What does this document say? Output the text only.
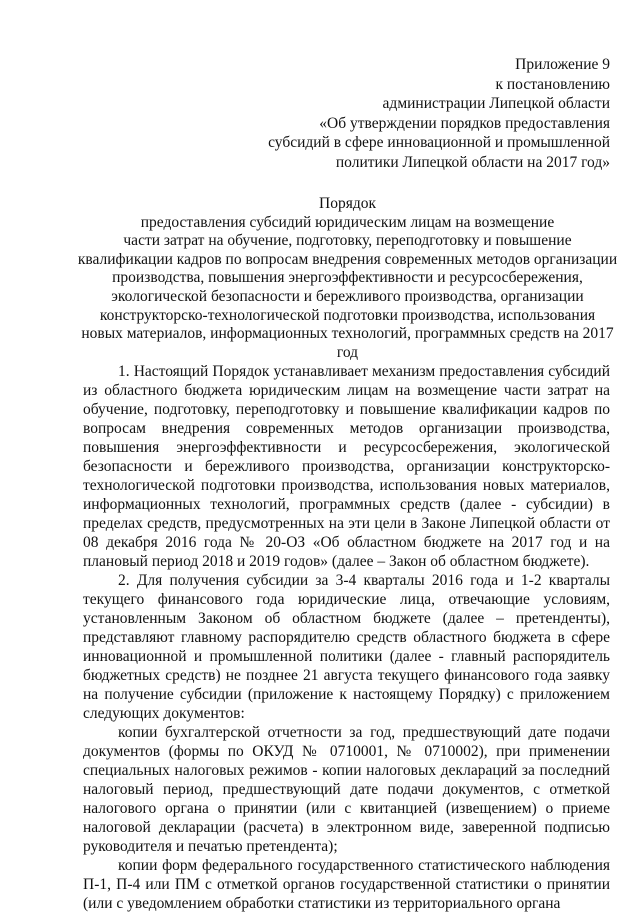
Приложение 9
к постановлению
администрации Липецкой области
«Об утверждении порядков предоставления
субсидий в сфере инновационной и промышленной
политики Липецкой области на 2017 год»
Порядок
предоставления субсидий юридическим лицам на возмещение
части затрат на обучение, подготовку, переподготовку и повышение
квалификации кадров по вопросам внедрения современных методов организации
производства, повышения энергоэффективности и ресурсосбережения,
экологической безопасности и бережливого производства, организации
конструкторско-технологической подготовки производства, использования
новых материалов, информационных технологий, программных средств на 2017
год

1. Настоящий Порядок устанавливает механизм предоставления субсидий из областного бюджета юридическим лицам на возмещение части затрат на обучение, подготовку, переподготовку и повышение квалификации кадров по вопросам внедрения современных методов организации производства, повышения энергоэффективности и ресурсосбережения, экологической безопасности и бережливого производства, организации конструкторско-технологической подготовки производства, использования новых материалов, информационных технологий, программных средств (далее - субсидии) в пределах средств, предусмотренных на эти цели в Законе Липецкой области от 08 декабря 2016 года № 20-ОЗ «Об областном бюджете на 2017 год и на плановый период 2018 и 2019 годов» (далее – Закон об областном бюджете).

2. Для получения субсидии за 3-4 кварталы 2016 года и 1-2 кварталы текущего финансового года юридические лица, отвечающие условиям, установленным Законом об областном бюджете (далее – претенденты), представляют главному распорядителю средств областного бюджета в сфере инновационной и промышленной политики (далее - главный распорядитель бюджетных средств) не позднее 21 августа текущего финансового года заявку на получение субсидии (приложение к настоящему Порядку) с приложением следующих документов:

копии бухгалтерской отчетности за год, предшествующий дате подачи документов (формы по ОКУД № 0710001, № 0710002), при применении специальных налоговых режимов - копии налоговых деклараций за последний налоговый период, предшествующий дате подачи документов, с отметкой налогового органа о принятии (или с квитанцией (извещением) о приеме налоговой декларации (расчета) в электронном виде, заверенной подписью руководителя и печатью претендента);

копии форм федерального государственного статистического наблюдения П-1, П-4 или ПМ с отметкой органов государственной статистики о принятии (или с уведомлением обработки статистики из территориального органа
